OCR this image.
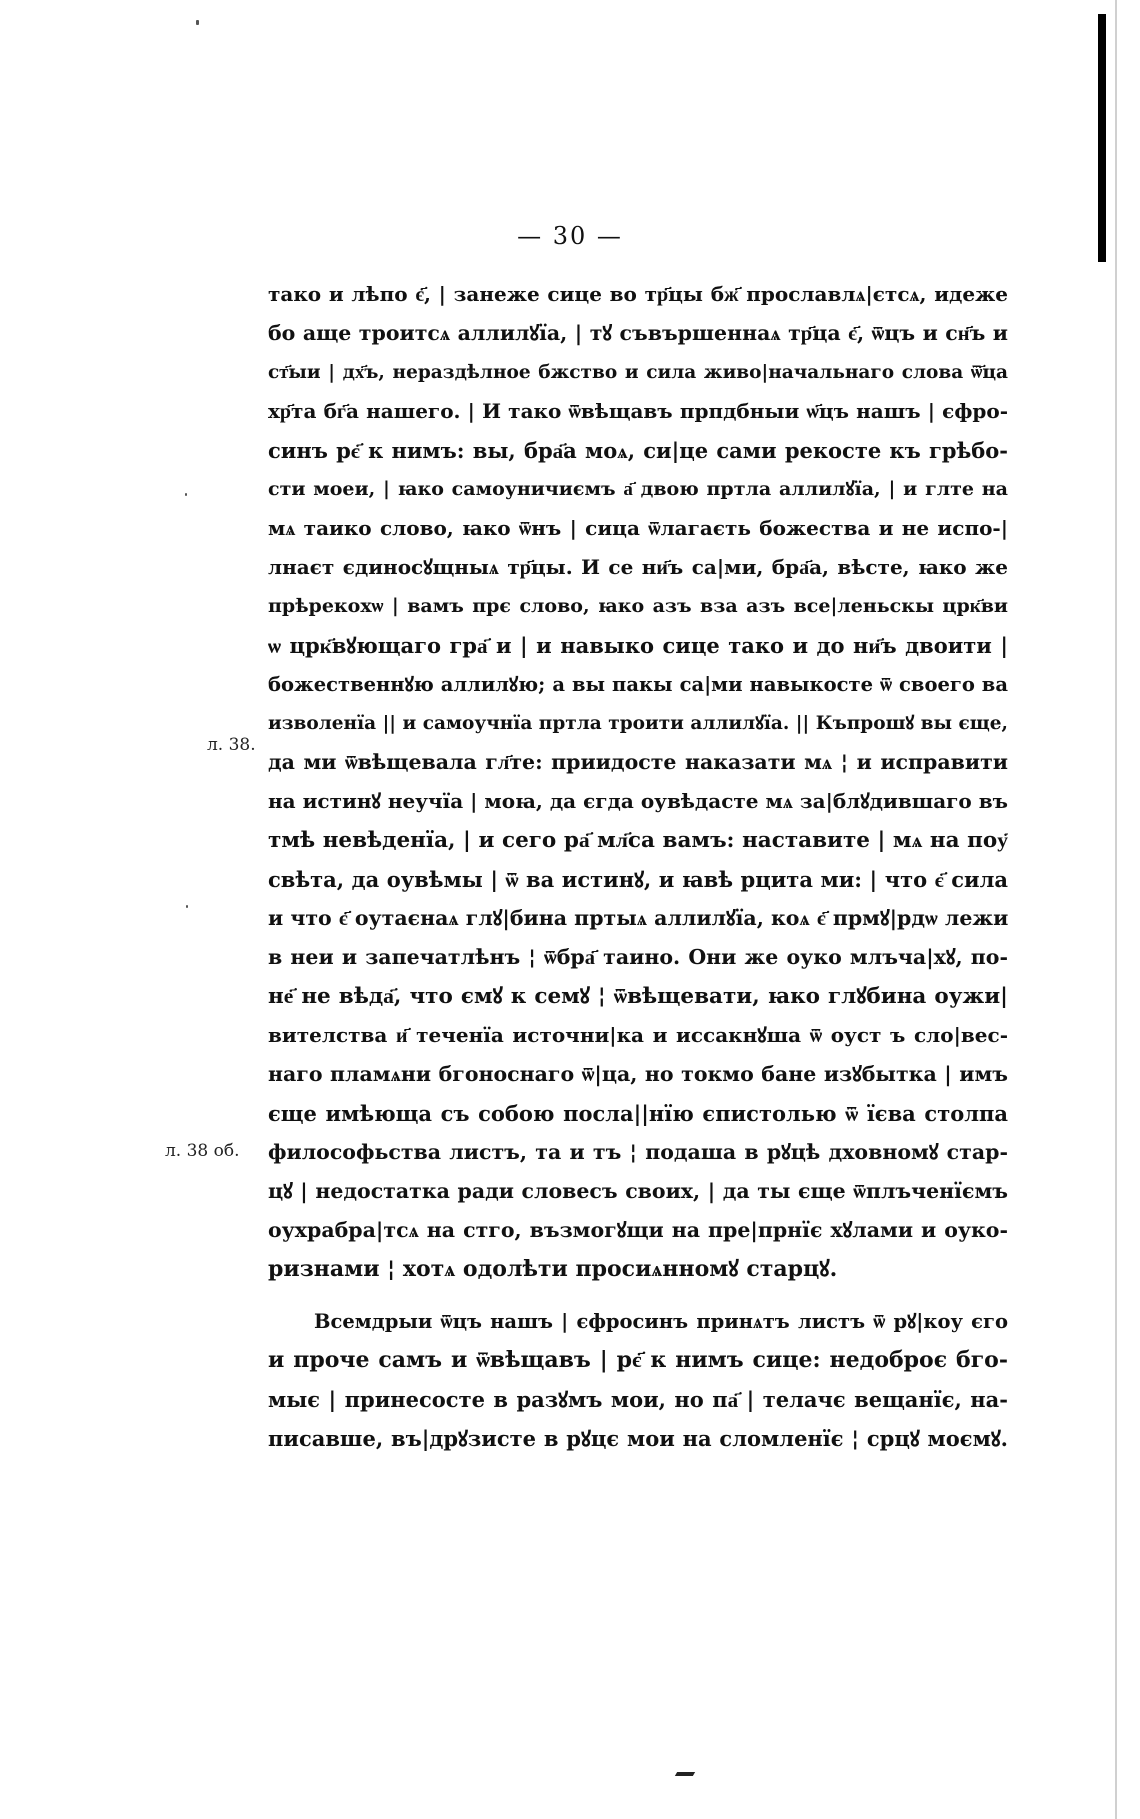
— 30 —
л. 38.
л. 38 об.
тако и лѣпо є҃, | занеже сице во тр҃цы бж҃ прославлѧ|єтсѧ, идеже
бо аще троитсѧ аллилꙋїа, | тꙋ съвършеннаѧ тр҃ца є҃, ѿцъ и сн҃ъ и
ст҃ыи | дх҃ъ, нераздѣлное бжство и сила живо|начальнаго слова ѿ҃ца
хр҃та бг҃а нашего. | И тако ѿвѣщавъ прпдбныи ѡ҃цъ нашъ | єфро-
синъ рє҃ к нимъ: вы, бра҃а моѧ, си|це сами рекосте къ грѣбо-
сти моеи, | ꙗко самоуничиємъ а҃ двою пртла аллилꙋїа, | и глте на
мѧ таико слово, ꙗко ѿнъ | сица ѿлагаєть божества и не испо-|
лнаєт єдиносꙋщныѧ тр҃цы. И се ни҃ъ са|ми, бра҃а, вѣсте, ꙗко же
прѣрекохѡ | вамъ прє слово, ꙗко азъ вза азъ все|леньскы црк҃ви
ѡ црк҃вꙋющаго гра҃ и | и навыко сице тако и до ни҃ъ двоити |
божественнꙋю аллилꙋю; а вы пакы са|ми навыкосте ѿ своего ва
изволенїа || и самоучнїа пртла троити аллилꙋїа. || Къпрошꙋ вы єще,
да ми ѿвѣщевала гл҃те: приидосте наказати мѧ ¦ и исправити
на истинꙋ неучїа | моꙗ, да єгда оувѣдасте мѧ за|блꙋдившаго въ
тмѣ невѣденїа, | и сего ра҃ мл҃са вамъ: наставите | мѧ на поу҃
свѣта, да оувѣмы | ѿ ва истинꙋ, и ꙗвѣ рцита ми: | что є҃ сила
и что є҃ оутаєнаѧ глꙋ|бина пртыѧ аллилꙋїа, коѧ є҃ прмꙋ|рдѡ лежи
в неи и запечатлѣнъ ¦ ѿбра҃ таино. Они же оуко млъча|хꙋ, по-
не҃ не вѣда҃, что ємꙋ к семꙋ ¦ ѿвѣщевати, ꙗко глꙋбина оужи|
вителства и҃ теченїа источни|ка и иссакнꙋша ѿ оуст ъ сло|вес-
наго пламѧни бгоноснаго ѿ|ца, но токмо бане изꙋбытка | имъ
єще имѣюща съ собою посла||нїю єпистолью ѿ їєва столпа
философьства листъ, та и тъ ¦ подаша в рꙋцѣ дховномꙋ стар-
цꙋ | недостатка ради словесъ своих, | да ты єще ѿплъченїємъ
оухрабра|тсѧ на стго, възмогꙋщи на пре|прнїє хꙋлами и оуко-
ризнами ¦ хотѧ одолѣти просиѧнномꙋ старцꙋ.
Всемдрыи ѿцъ нашъ | єфросинъ принѧтъ листъ ѿ рꙋ|коу єго
и проче самъ и ѿвѣщавъ | рє҃ к нимъ сице: недоброє бго-
мыє | принесосте в разꙋмъ мои, но па҃ | телачє вещанїє, на-
писавше, въ|дрꙋзисте в рꙋцє мои на сломленїє ¦ срцꙋ моємꙋ.
